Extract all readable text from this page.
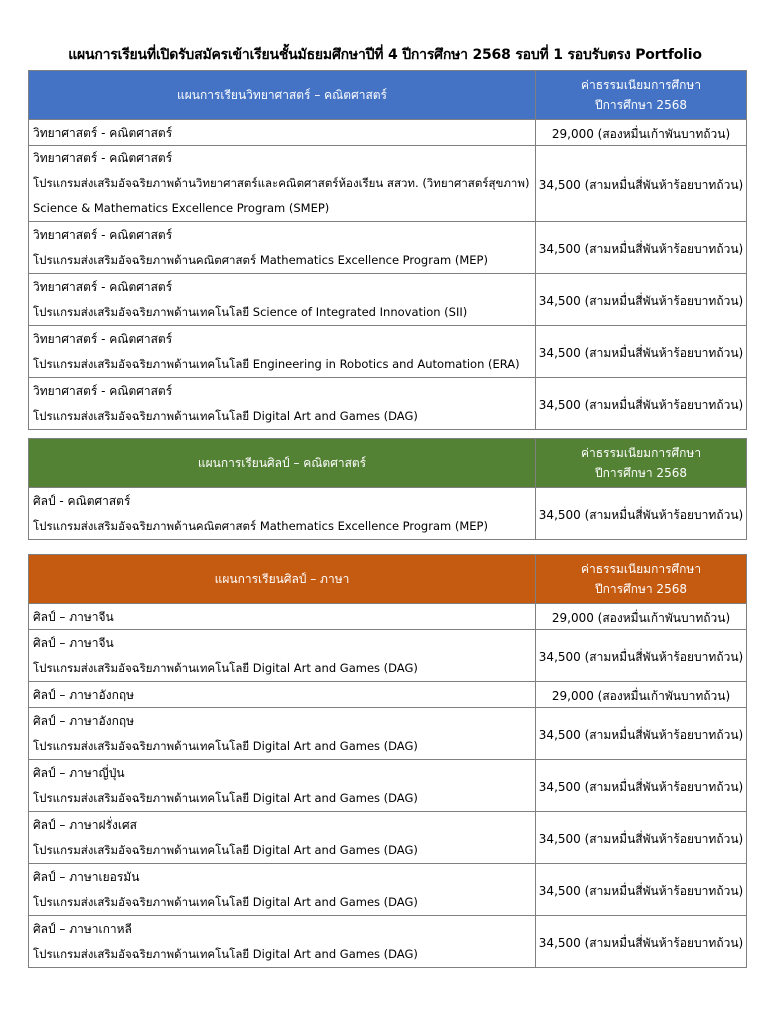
แผนการเรียนที่เปิดรับสมัครเข้าเรียนชั้นมัธยมศึกษาปีที่ 4 ปีการศึกษา 2568 รอบที่ 1 รอบรับตรง Portfolio
แผนการเรียนวิทยาศาสตร์ – คณิตศาสตร์	ค่าธรรมเนียมการศึกษา
ปีการศึกษา 2568

วิทยาศาสตร์ - คณิตศาสตร์	29,000 (สองหมื่นเก้าพันบาทถ้วน)

วิทยาศาสตร์ - คณิตศาสตร์
โปรแกรมส่งเสริมอัจฉริยภาพด้านวิทยาศาสตร์และคณิตศาสตร์ห้องเรียน สสวท. (วิทยาศาสตร์สุขภาพ) Science & Mathematics Excellence Program (SMEP)	34,500 (สามหมื่นสี่พันห้าร้อยบาทถ้วน)

วิทยาศาสตร์ - คณิตศาสตร์
โปรแกรมส่งเสริมอัจฉริยภาพด้านคณิตศาสตร์ Mathematics Excellence Program (MEP)	34,500 (สามหมื่นสี่พันห้าร้อยบาทถ้วน)

วิทยาศาสตร์ - คณิตศาสตร์
โปรแกรมส่งเสริมอัจฉริยภาพด้านเทคโนโลยี Science of Integrated Innovation (SII)	34,500 (สามหมื่นสี่พันห้าร้อยบาทถ้วน)

วิทยาศาสตร์ - คณิตศาสตร์
โปรแกรมส่งเสริมอัจฉริยภาพด้านเทคโนโลยี Engineering in Robotics and Automation (ERA)	34,500 (สามหมื่นสี่พันห้าร้อยบาทถ้วน)

วิทยาศาสตร์ - คณิตศาสตร์
โปรแกรมส่งเสริมอัจฉริยภาพด้านเทคโนโลยี Digital Art and Games (DAG)	34,500 (สามหมื่นสี่พันห้าร้อยบาทถ้วน)
แผนการเรียนศิลป์ – คณิตศาสตร์	ค่าธรรมเนียมการศึกษา
ปีการศึกษา 2568

ศิลป์ - คณิตศาสตร์
โปรแกรมส่งเสริมอัจฉริยภาพด้านคณิตศาสตร์ Mathematics Excellence Program (MEP)	34,500 (สามหมื่นสี่พันห้าร้อยบาทถ้วน)
แผนการเรียนศิลป์ – ภาษา	ค่าธรรมเนียมการศึกษา
ปีการศึกษา 2568

ศิลป์ – ภาษาจีน	29,000 (สองหมื่นเก้าพันบาทถ้วน)

ศิลป์ – ภาษาจีน
โปรแกรมส่งเสริมอัจฉริยภาพด้านเทคโนโลยี Digital Art and Games (DAG)	34,500 (สามหมื่นสี่พันห้าร้อยบาทถ้วน)

ศิลป์ – ภาษาอังกฤษ	29,000 (สองหมื่นเก้าพันบาทถ้วน)

ศิลป์ – ภาษาอังกฤษ
โปรแกรมส่งเสริมอัจฉริยภาพด้านเทคโนโลยี Digital Art and Games (DAG)	34,500 (สามหมื่นสี่พันห้าร้อยบาทถ้วน)

ศิลป์ – ภาษาญี่ปุ่น
โปรแกรมส่งเสริมอัจฉริยภาพด้านเทคโนโลยี Digital Art and Games (DAG)	34,500 (สามหมื่นสี่พันห้าร้อยบาทถ้วน)

ศิลป์ – ภาษาฝรั่งเศส
โปรแกรมส่งเสริมอัจฉริยภาพด้านเทคโนโลยี Digital Art and Games (DAG)	34,500 (สามหมื่นสี่พันห้าร้อยบาทถ้วน)

ศิลป์ – ภาษาเยอรมัน
โปรแกรมส่งเสริมอัจฉริยภาพด้านเทคโนโลยี Digital Art and Games (DAG)	34,500 (สามหมื่นสี่พันห้าร้อยบาทถ้วน)

ศิลป์ – ภาษาเกาหลี
โปรแกรมส่งเสริมอัจฉริยภาพด้านเทคโนโลยี Digital Art and Games (DAG)	34,500 (สามหมื่นสี่พันห้าร้อยบาทถ้วน)
